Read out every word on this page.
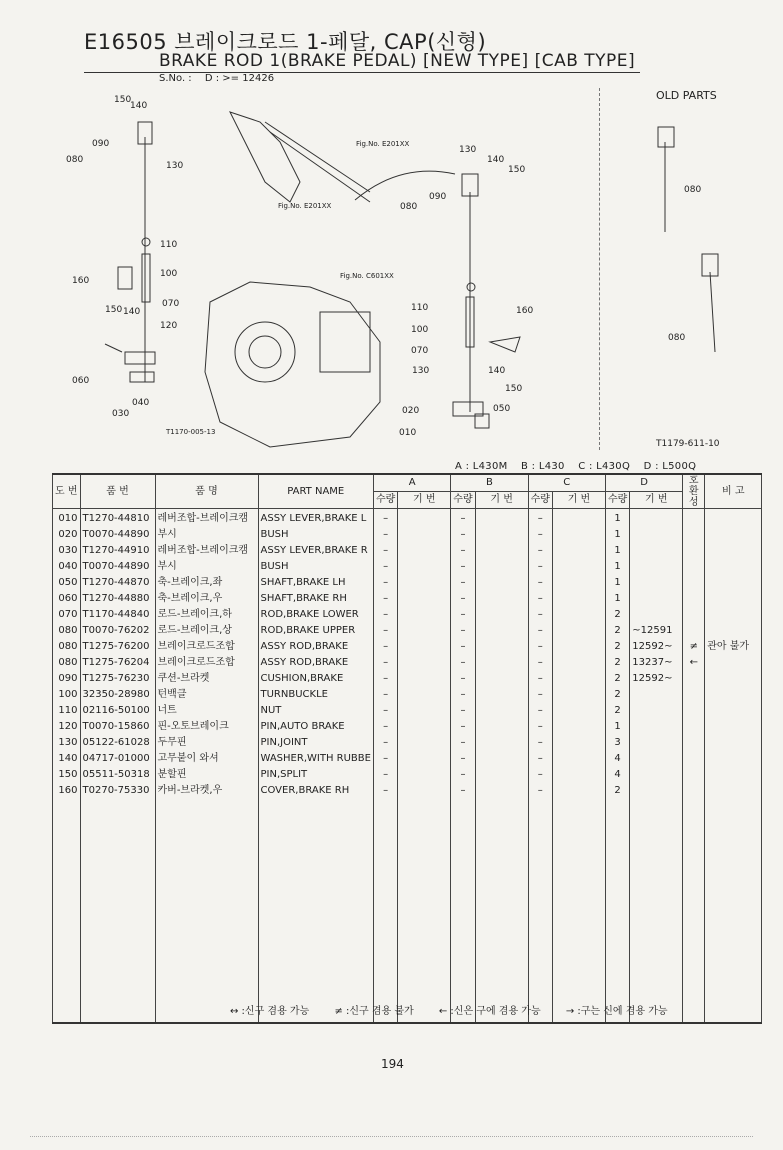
E16505 브레이크로드 1-페달, CAP(신형)
BRAKE ROD 1(BRAKE PEDAL) [NEW TYPE] [CAB TYPE]
S.No. : D : >= 12426
150
140
090
080
130
110
100
160
150 140
070
120
060
040
030
130
140
150
090
080
110
100
070
130	140
150
050
020
010
160
080
080
Fig.No. E201XX
Fig.No. E201XX
Fig.No. C601XX
T1170-005-13
T1179-611-10
OLD PARTS
A : L430M B : L430 C : L430Q D : L500Q
도 번	품 번	품 명	PART NAME	A		B		C		D		호환성	비 고
				수량	기 번	수량	기 번	수량	기 번	수량	기 번		
010	T1270-44810	레버조합-브레이크캠	ASSY LEVER,BRAKE L	–		–		–		1			
020	T0070-44890	부시	BUSH	–		–		–		1			
030	T1270-44910	레버조합-브레이크캠	ASSY LEVER,BRAKE R	–		–		–		1			
040	T0070-44890	부시	BUSH	–		–		–		1			
050	T1270-44870	축-브레이크,좌	SHAFT,BRAKE LH	–		–		–		1			
060	T1270-44880	축-브레이크,우	SHAFT,BRAKE RH	–		–		–		1			
070	T1170-44840	로드-브레이크,하	ROD,BRAKE LOWER	–		–		–		2			
080	T0070-76202	로드-브레이크,상	ROD,BRAKE UPPER	–		–		–		2	~12591		
080	T1275-76200	브레이크로드조합	ASSY ROD,BRAKE	–		–		–		2	12592~	≠	관아 불가
080	T1275-76204	브레이크로드조합	ASSY ROD,BRAKE	–		–		–		2	13237~	←	
090	T1275-76230	쿠션-브라켓	CUSHION,BRAKE	–		–		–		2	12592~		
100	32350-28980	턴백클	TURNBUCKLE	–		–		–		2			
110	02116-50100	너트	NUT	–		–		–		2			
120	T0070-15860	핀-오토브레이크	PIN,AUTO BRAKE	–		–		–		1			
130	05122-61028	두무핀	PIN,JOINT	–		–		–		3			
140	04717-01000	고무붙이 와셔	WASHER,WITH RUBBE	–		–		–		4			
150	05511-50318	분할핀	PIN,SPLIT	–		–		–		4			
160	T0270-75330	카버-브라켓,우	COVER,BRAKE RH	–		–		–		2			

↔ :신구 겸용 가능	≠ :신구 겸용 불가	← :신은 구에 겸용 가능	→ :구는 신에 겸용 가능
194
